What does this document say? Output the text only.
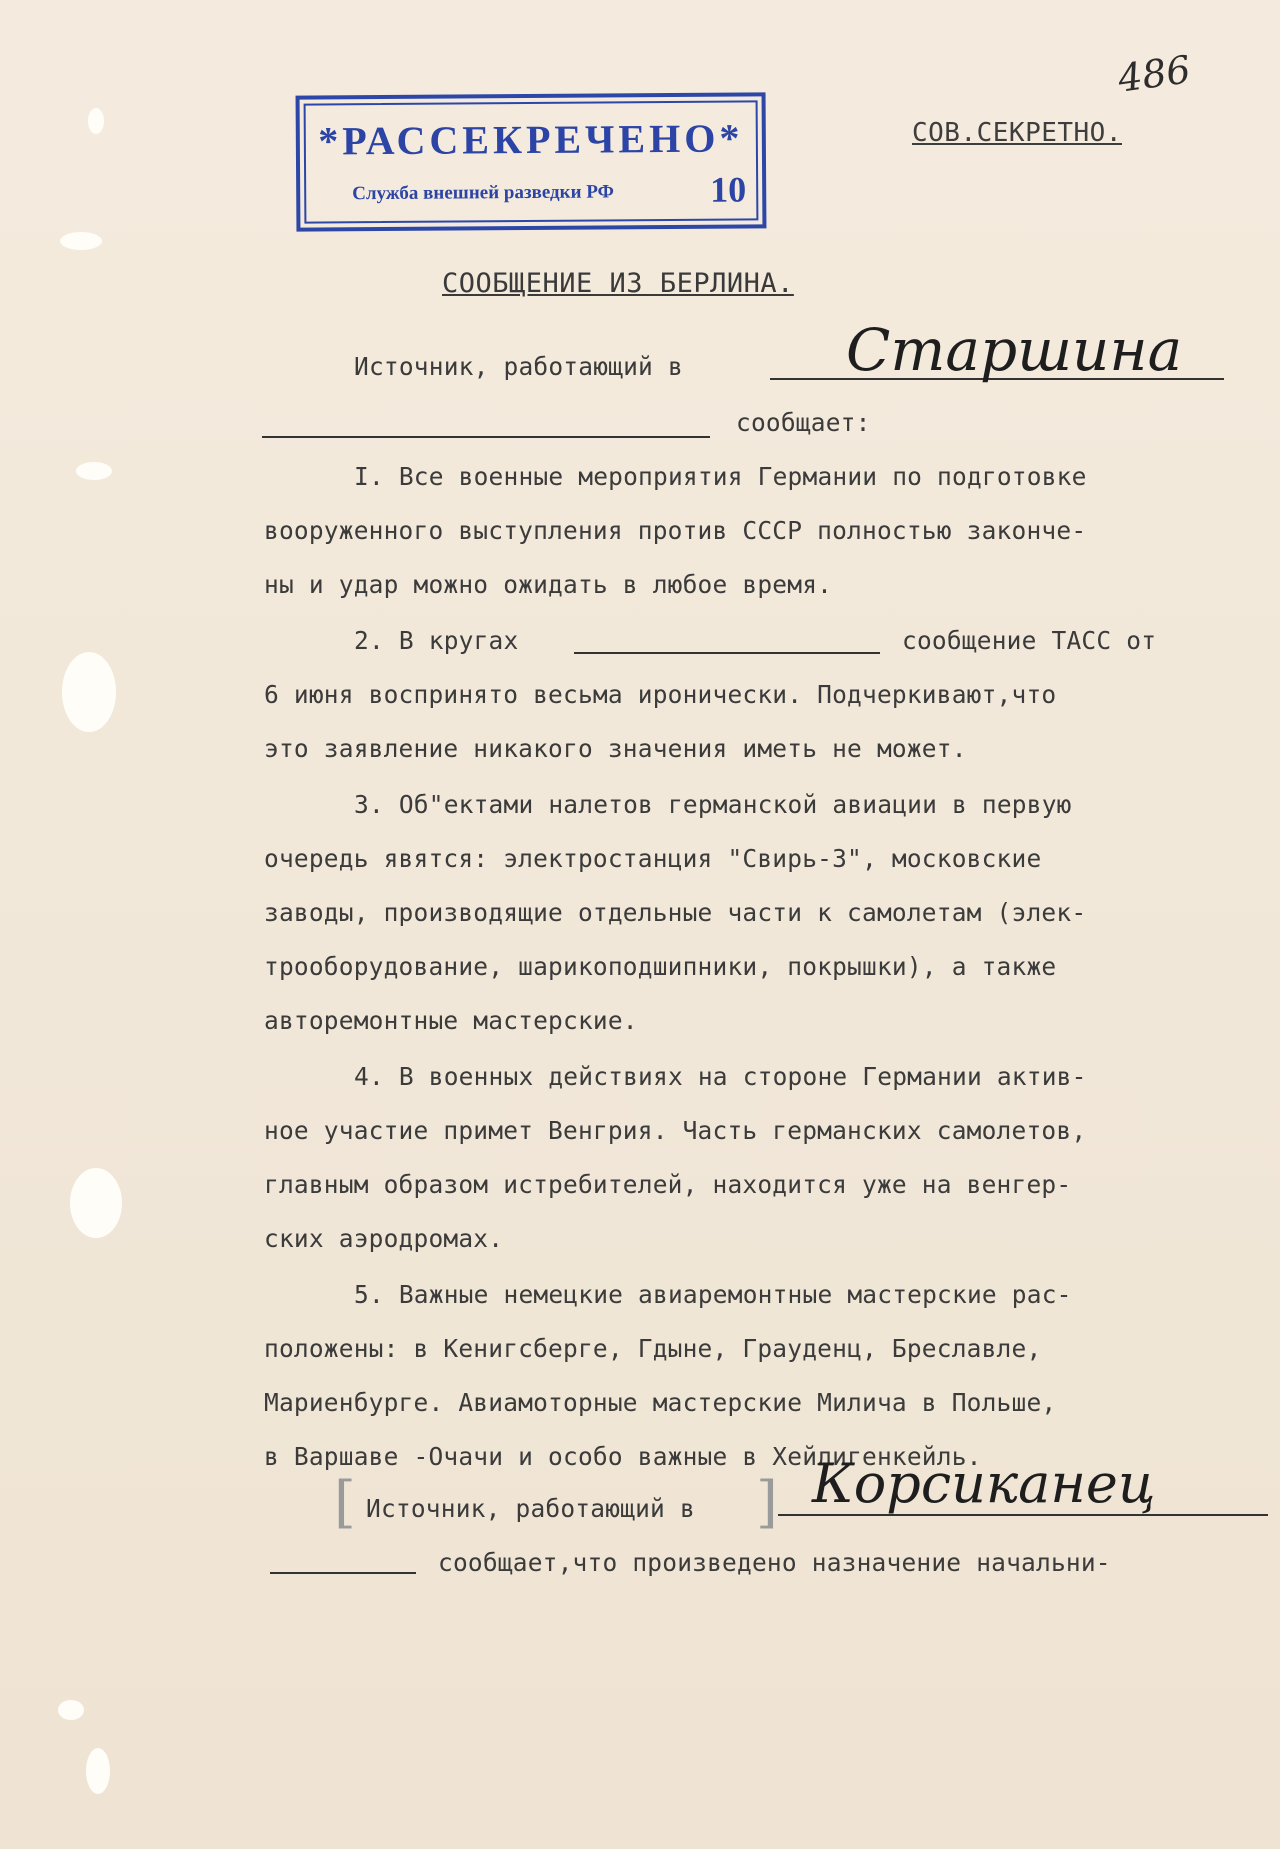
*РАССЕКРЕЧЕНО*
Служба внешней разведки РФ	10
486
СОВ.СЕКРЕТНО.
СООБЩЕНИЕ ИЗ БЕРЛИНА.
Источник, работающий в	Старшина
сообщает:
I. Все военные мероприятия Германии по подготовке
вооруженного выступления против СССР полностью закончe-
ны и удар можно ожидать в любое время.
2. В кругах	сообщение ТАСС от
6 июня воспринято весьма иронически. Подчеркивают,что
это заявление никакого значения иметь не может.
3. Об"ектами налетов германской авиации в первую
очередь явятся: электростанция "Свирь-3", московские
заводы, производящие отдельные части к самолетам (элек-
трооборудование, шарикоподшипники, покрышки), а также
авторемонтные мастерские.
4. В военных действиях на стороне Германии актив-
ное участие примет Венгрия. Часть германских самолетов,
главным образом истребителей, находится уже на венгер-
ских аэродромах.
5. Важные немецкие авиаремонтные мастерские рас-
положены: в Кенигсберге, Гдыне, Грауденц, Бреславле,
Мариенбурге. Авиамоторные мастерские Милича в Польше,
в Варшаве -Очачи и особо важные в Хейлигенкейль.
[	]
Источник, работающий в Корсиканец
сообщает,что произведено назначение начальни-
